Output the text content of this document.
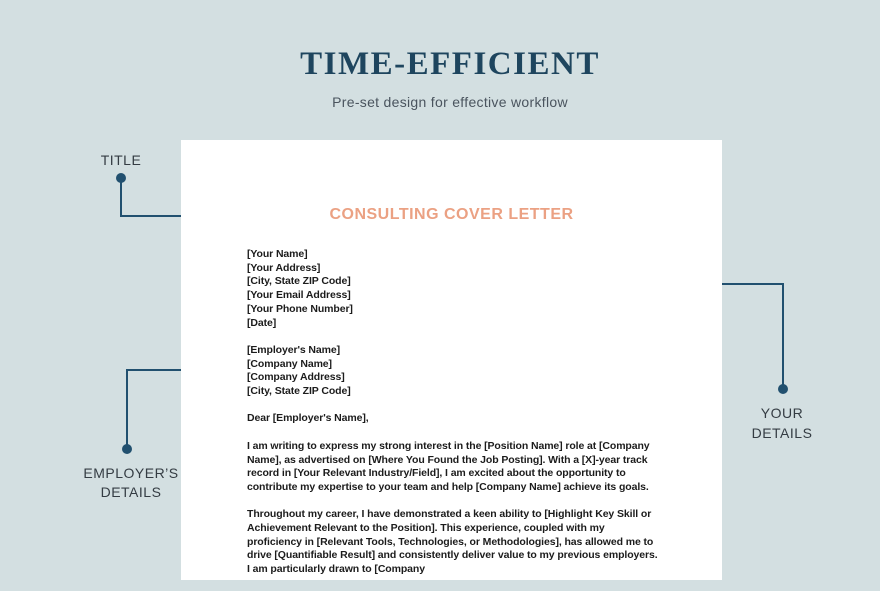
TIME-EFFICIENT

Pre-set design for effective workflow

TITLE
EMPLOYER’S
DETAILS
YOUR
DETAILS
CONSULTING COVER LETTER
[Your Name]
[Your Address]
[City, State ZIP Code]
[Your Email Address]
[Your Phone Number]
[Date]
[Employer's Name]
[Company Name]
[Company Address]
[City, State ZIP Code]
Dear [Employer's Name],
I am writing to express my strong interest in the [Position Name] role at [Company Name], as advertised on [Where You Found the Job Posting]. With a [X]-year track record in [Your Relevant Industry/Field], I am excited about the opportunity to contribute my expertise to your team and help [Company Name] achieve its goals.
Throughout my career, I have demonstrated a keen ability to [Highlight Key Skill or Achievement Relevant to the Position]. This experience, coupled with my proficiency in [Relevant Tools, Technologies, or Methodologies], has allowed me to drive [Quantifiable Result] and consistently deliver value to my previous employers. I am particularly drawn to [Company
